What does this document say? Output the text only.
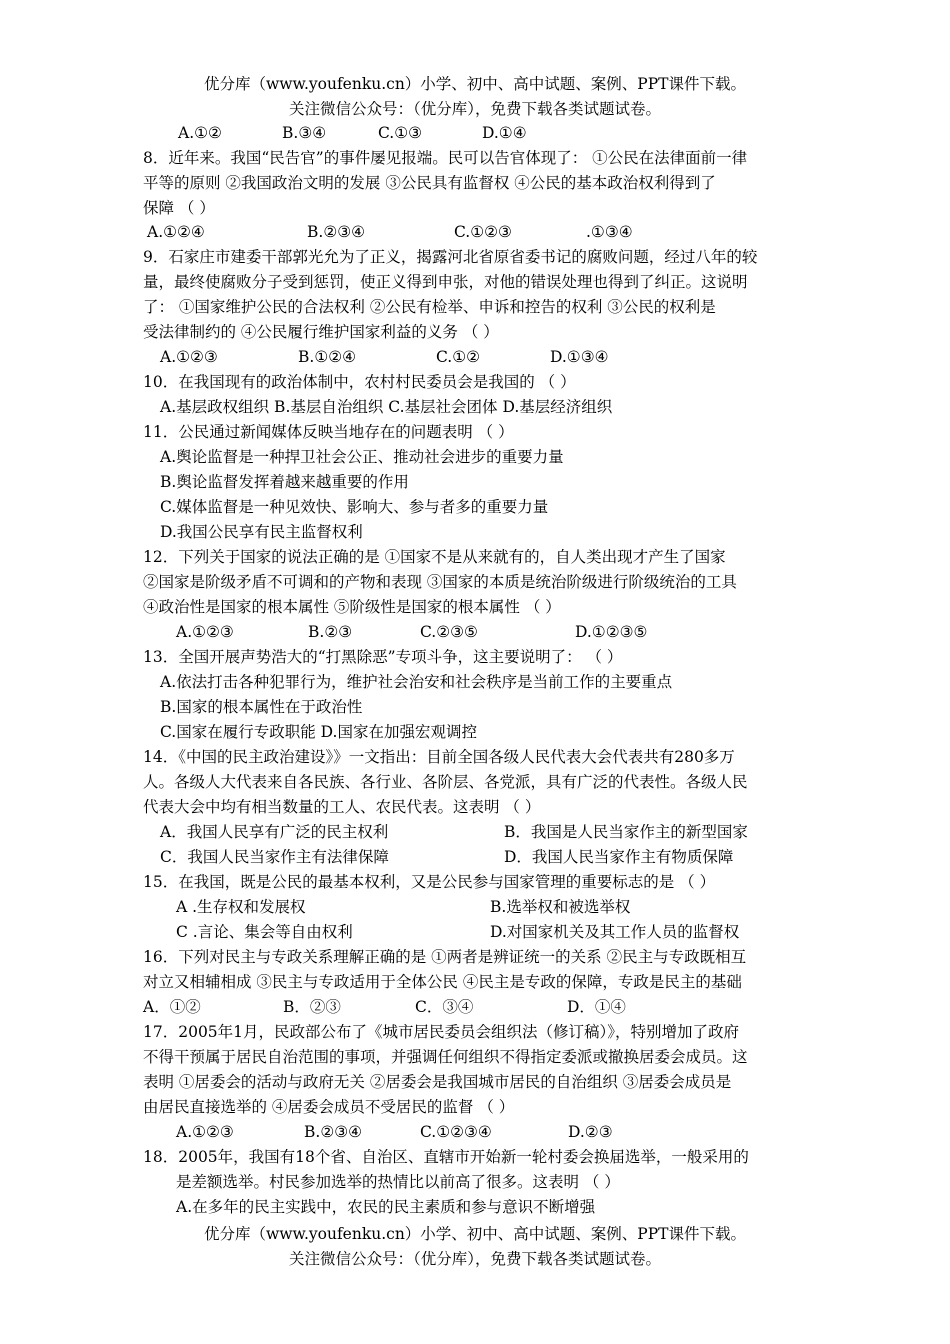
优分库（www.youfenku.cn）小学、初中、高中试题、案例、PPT课件下载。
关注微信公众号：（优分库），免费下载各类试题试卷。
A.①②	B.③④	C.①③	D.①④
8．近年来。我国“民告官”的事件屡见报端。民可以告官体现了： ①公民在法律面前一律
平等的原则 ②我国政治文明的发展 ③公民具有监督权 ④公民的基本政治权利得到了
保障 （ ）
A.①②④	B.②③④	C.①②③	.①③④
9．石家庄市建委干部郭光允为了正义，揭露河北省原省委书记的腐败问题，经过八年的较
量，最终使腐败分子受到惩罚，使正义得到申张，对他的错误处理也得到了纠正。这说明
了： ①国家维护公民的合法权利 ②公民有检举、申诉和控告的权利 ③公民的权利是
受法律制约的 ④公民履行维护国家利益的义务 （ ）
A.①②③	B.①②④	C.①②	D.①③④
10．在我国现有的政治体制中，农村村民委员会是我国的 （ ）
A.基层政权组织 B.基层自治组织 C.基层社会团体 D.基层经济组织
11．公民通过新闻媒体反映当地存在的问题表明 （ ）
A.舆论监督是一种捍卫社会公正、推动社会进步的重要力量
B.舆论监督发挥着越来越重要的作用
C.媒体监督是一种见效快、影响大、参与者多的重要力量
D.我国公民享有民主监督权利
12．下列关于国家的说法正确的是 ①国家不是从来就有的，自人类出现才产生了国家
②国家是阶级矛盾不可调和的产物和表现 ③国家的本质是统治阶级进行阶级统治的工具
④政治性是国家的根本属性 ⑤阶级性是国家的根本属性 （ ）
A.①②③	B.②③	C.②③⑤	D.①②③⑤
13．全国开展声势浩大的“打黑除恶”专项斗争，这主要说明了： （ ）
A.依法打击各种犯罪行为，维护社会治安和社会秩序是当前工作的主要重点
B.国家的根本属性在于政治性
C.国家在履行专政职能 D.国家在加强宏观调控
14．《中国的民主政治建设》》一文指出：目前全国各级人民代表大会代表共有280多万
人。各级人大代表来自各民族、各行业、各阶层、各党派，具有广泛的代表性。各级人民
代表大会中均有相当数量的工人、农民代表。这表明 （ ）
A．我国人民享有广泛的民主权利	B．我国是人民当家作主的新型国家
C．我国人民当家作主有法律保障	D．我国人民当家作主有物质保障
15．在我国，既是公民的最基本权利，又是公民参与国家管理的重要标志的是 （ ）
A .生存权和发展权	B.选举权和被选举权
C .言论、集会等自由权利	D.对国家机关及其工作人员的监督权
16．下列对民主与专政关系理解正确的是 ①两者是辨证统一的关系 ②民主与专政既相互
对立又相辅相成 ③民主与专政适用于全体公民 ④民主是专政的保障，专政是民主的基础
A．①②	B．②③	C．③④	D．①④
17．2005年1月，民政部公布了《城市居民委员会组织法（修订稿）》，特别增加了政府
不得干预属于居民自治范围的事项，并强调任何组织不得指定委派或撤换居委会成员。这
表明 ①居委会的活动与政府无关 ②居委会是我国城市居民的自治组织 ③居委会成员是
由居民直接选举的 ④居委会成员不受居民的监督 （ ）
A.①②③	B.②③④	C.①②③④	D.②③
18．2005年，我国有18个省、自治区、直辖市开始新一轮村委会换届选举，一般采用的
是差额选举。村民参加选举的热情比以前高了很多。这表明 （ ）
A.在多年的民主实践中，农民的民主素质和参与意识不断增强
优分库（www.youfenku.cn）小学、初中、高中试题、案例、PPT课件下载。
关注微信公众号：（优分库），免费下载各类试题试卷。
